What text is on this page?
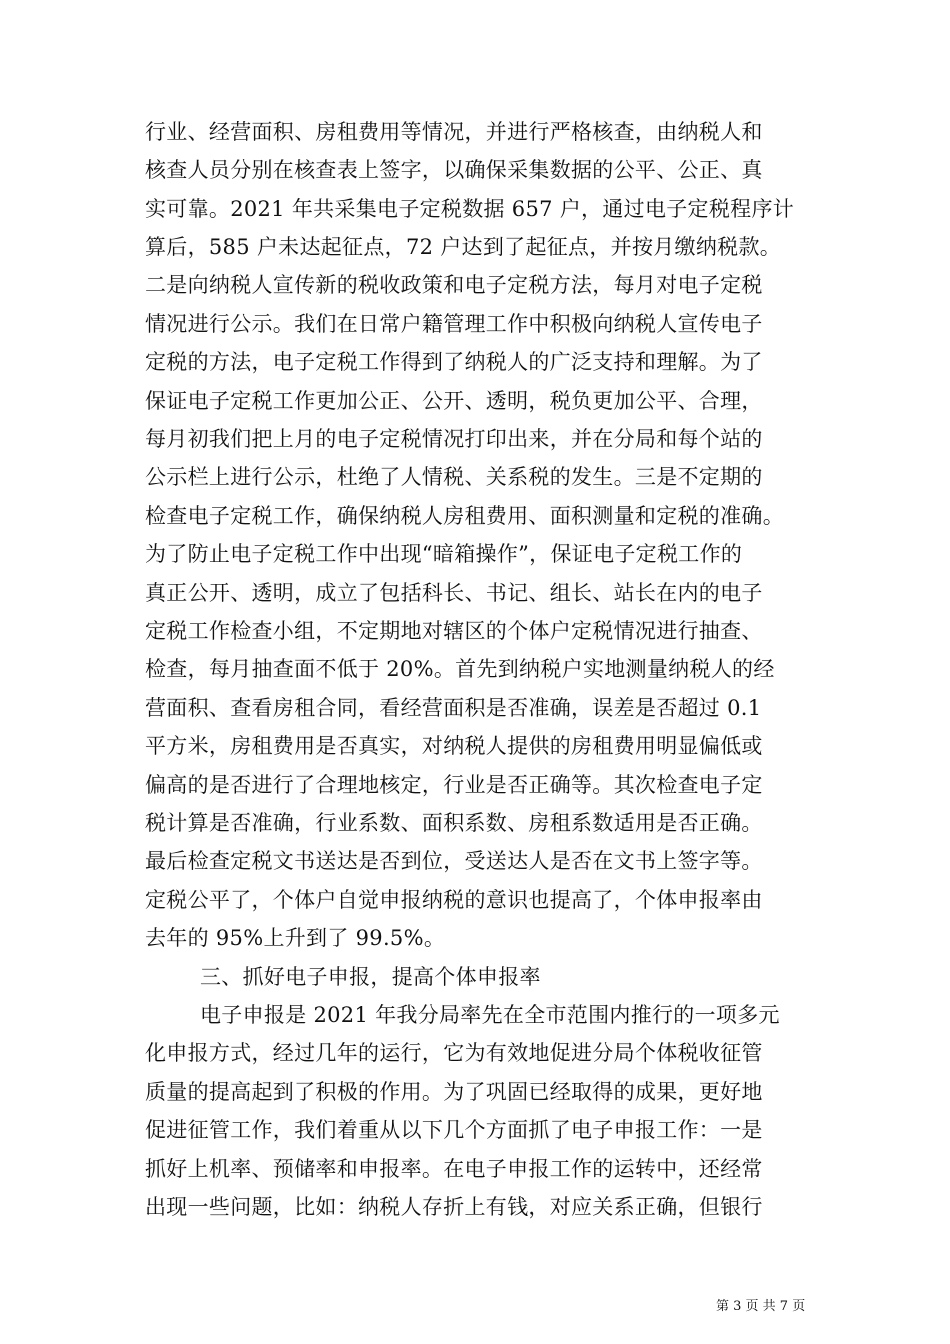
行业、经营面积、房租费用等情况，并进行严格核查，由纳税人和
核查人员分别在核查表上签字，以确保采集数据的公平、公正、真
实可靠。2021 年共采集电子定税数据 657 户，通过电子定税程序计
算后，585 户未达起征点，72 户达到了起征点，并按月缴纳税款。
二是向纳税人宣传新的税收政策和电子定税方法，每月对电子定税
情况进行公示。我们在日常户籍管理工作中积极向纳税人宣传电子
定税的方法，电子定税工作得到了纳税人的广泛支持和理解。为了
保证电子定税工作更加公正、公开、透明，税负更加公平、合理，
每月初我们把上月的电子定税情况打印出来，并在分局和每个站的
公示栏上进行公示，杜绝了人情税、关系税的发生。三是不定期的
检查电子定税工作，确保纳税人房租费用、面积测量和定税的准确。
为了防止电子定税工作中出现“暗箱操作”，保证电子定税工作的
真正公开、透明，成立了包括科长、书记、组长、站长在内的电子
定税工作检查小组，不定期地对辖区的个体户定税情况进行抽查、
检查，每月抽查面不低于 20%。首先到纳税户实地测量纳税人的经
营面积、查看房租合同，看经营面积是否准确，误差是否超过 0.1
平方米，房租费用是否真实，对纳税人提供的房租费用明显偏低或
偏高的是否进行了合理地核定，行业是否正确等。其次检查电子定
税计算是否准确，行业系数、面积系数、房租系数适用是否正确。
最后检查定税文书送达是否到位，受送达人是否在文书上签字等。
定税公平了，个体户自觉申报纳税的意识也提高了，个体申报率由
去年的 95%上升到了 99.5%。
三、抓好电子申报，提高个体申报率
电子申报是 2021 年我分局率先在全市范围内推行的一项多元
化申报方式，经过几年的运行，它为有效地促进分局个体税收征管
质量的提高起到了积极的作用。为了巩固已经取得的成果，更好地
促进征管工作，我们着重从以下几个方面抓了电子申报工作：一是
抓好上机率、预储率和申报率。在电子申报工作的运转中，还经常
出现一些问题，比如：纳税人存折上有钱，对应关系正确，但银行
第 3 页 共 7 页
